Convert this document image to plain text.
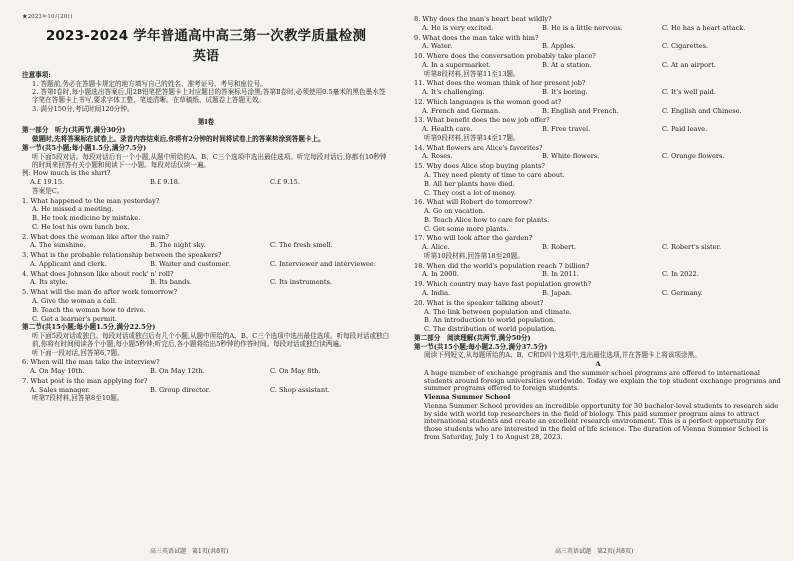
★2023年10月20日
2023-2024 学年普通高中高三第一次教学质量检测
英语
注意事项:
1. 答题前,务必在答题卡规定的地方填写自己的姓名、准考证号、考号和座位号。
2. 答第Ⅰ卷时,每小题选出答案后,用2B铅笔把答题卡上对应题目的答案标号涂黑;答第Ⅱ卷时,必须使用0.5毫米的黑色墨水签字笔在答题卡上书写,要求字体工整、笔迹清晰。在草稿纸、试题卷上答题无效。
3. 满分150分,考试时间120分钟。
第Ⅰ卷
第一部分　听力(共两节,满分30分)
做题时,先将答案标在试卷上。录音内容结束后,你将有2分钟的时间将试卷上的答案转涂到答题卡上。
第一节(共5小题;每小题1.5分,满分7.5分)
听下面5段对话。每段对话后有一个小题,从题中所给的A、B、C三个选项中选出最佳选项。听完每段对话后,你都有10秒钟的时间来回答有关小题和阅读下一小题。每段对话仅读一遍。
例: How much is the shirt?
A.£ 19.15.	B.£ 9.18.	C.£ 9.15.
答案是C。
1. What happened to the man yesterday?
A. He missed a meeting.
B. He took medicine by mistake.
C. He lost his own lunch box.
2. What does the woman like after the rain?
A. The sunshine.	B. The night sky.	C. The fresh smell.
3. What is the probable relationship between the speakers?
A. Applicant and clerk.	B. Waiter and customer.	C. Interviewer and interviewee.
4. What does Johnson like about rock' n' roll?
A. Its style.	B. Its bands.	C. Its instruments.
5. What will the man do after work tomorrow?
A. Give the woman a call.
B. Teach the woman how to drive.
C. Get a learner's permit.
第二节(共15小题;每小题1.5分,满分22.5分)
听下面5段对话或独白。每段对话或独白后有几个小题,从题中所给的A、B、C三个选项中选出最佳选项。听每段对话或独白前,你将有时间阅读各个小题,每小题5秒钟;听完后,各小题将给出5秒钟的作答时间。每段对话或独白读两遍。
听下面一段对话,回答第6,7题。
6. When will the man take the interview?
A. On May 10th.	B. On May 12th.	C. On May 8th.
7. What post is the man applying for?
A. Sales manager.	B. Group director.	C. Shop assistant.
听第7段材料,回答第8至10题。
8. Why does the man's heart beat wildly?
A. He is very excited.	B. He is a little nervous.	C. He has a heart attack.
9. What does the man take with him?
A. Water.	B. Apples.	C. Cigarettes.
10. Where does the conversation probably take place?
A. In a supermarket.	B. At a station.	C. At an airport.
听第8段材料,回答第11至13题。
11. What does the woman think of her present job?
A. It's challenging.	B. It's boring.	C. It's well paid.
12. Which languages is the woman good at?
A. French and German.	B. English and French.	C. English and Chinese.
13. What benefit does the new job offer?
A. Health care.	B. Free travel.	C. Paid leave.
听第9段材料,回答第14至17题。
14. What flowers are Alice's favorites?
A. Roses.	B. White flowers.	C. Orange flowers.
15. Why does Alice stop buying plants?
A. They need plenty of time to care about.
B. All her plants have died.
C. They cost a lot of money.
16. What will Robert do tomorrow?
A. Go on vacation.
B. Teach Alice how to care for plants.
C. Get some more plants.
17. Who will look after the garden?
A. Alice.	B. Robert.	C. Robert's sister.
听第10段材料,回答第18至20题。
18. When did the world's population reach 7 billion?
A. In 2000.	B. In 2011.	C. In 2022.
19. Which country may have fast population growth?
A. India.	B. Japan.	C. Germany.
20. What is the speaker talking about?
A. The link between population and climate.
B. An introduction to world population.
C. The distribution of world population.
第二部分　阅读理解(共两节,满分50分)
第一节(共15小题;每小题2.5分,满分37.5分)
阅读下列短文,从每题所给的A、B、C和D四个选项中,选出最佳选项,并在答题卡上将该项涂黑。
A
A huge number of exchange programs and the summer school programs are offered to international students around foreign universities worldwide. Today we explain the top student exchange programs and summer programs offered to foreign students.
Vienna Summer School
Vienna Summer School provides an incredible opportunity for 30 bachelor-level students to research side by side with world top researchers in the field of biology. This paid summer program aims to attract international students and create an excellent research environment. This is a perfect opportunity for those students who are interested in the field of life science. The duration of Vienna Summer School is from Saturday, July 1 to August 28, 2023.
高三英语试题　第1页(共8页)	高三英语试题　第2页(共8页)
